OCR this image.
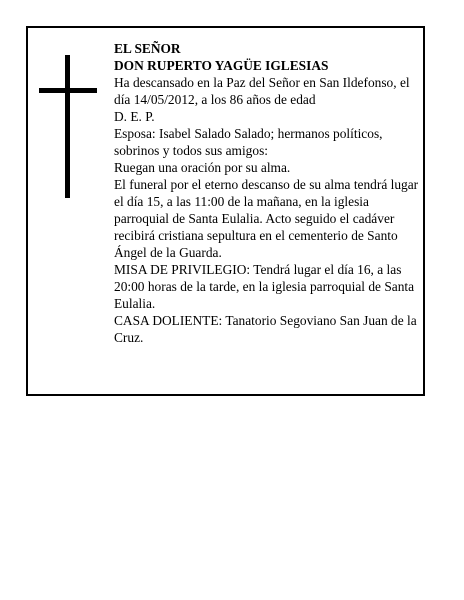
EL SEÑOR

DON RUPERTO YAGÜE IGLESIAS

Ha descansado en la Paz del Señor en San Ildefonso, el día 14/05/2012, a los 86 años de edad

D. E. P.

Esposa: Isabel Salado Salado; hermanos políticos, sobrinos y todos sus amigos:

Ruegan una oración por su alma.

El funeral por el eterno descanso de su alma tendrá lugar el día 15, a las 11:00 de la mañana, en la iglesia parroquial de Santa Eulalia. Acto seguido el cadáver recibirá cristiana sepultura en el cementerio de Santo Ángel de la Guarda.

MISA DE PRIVILEGIO: Tendrá lugar el día 16, a las 20:00 horas de la tarde, en la iglesia parroquial de Santa Eulalia.

CASA DOLIENTE: Tanatorio Segoviano San Juan de la Cruz.
